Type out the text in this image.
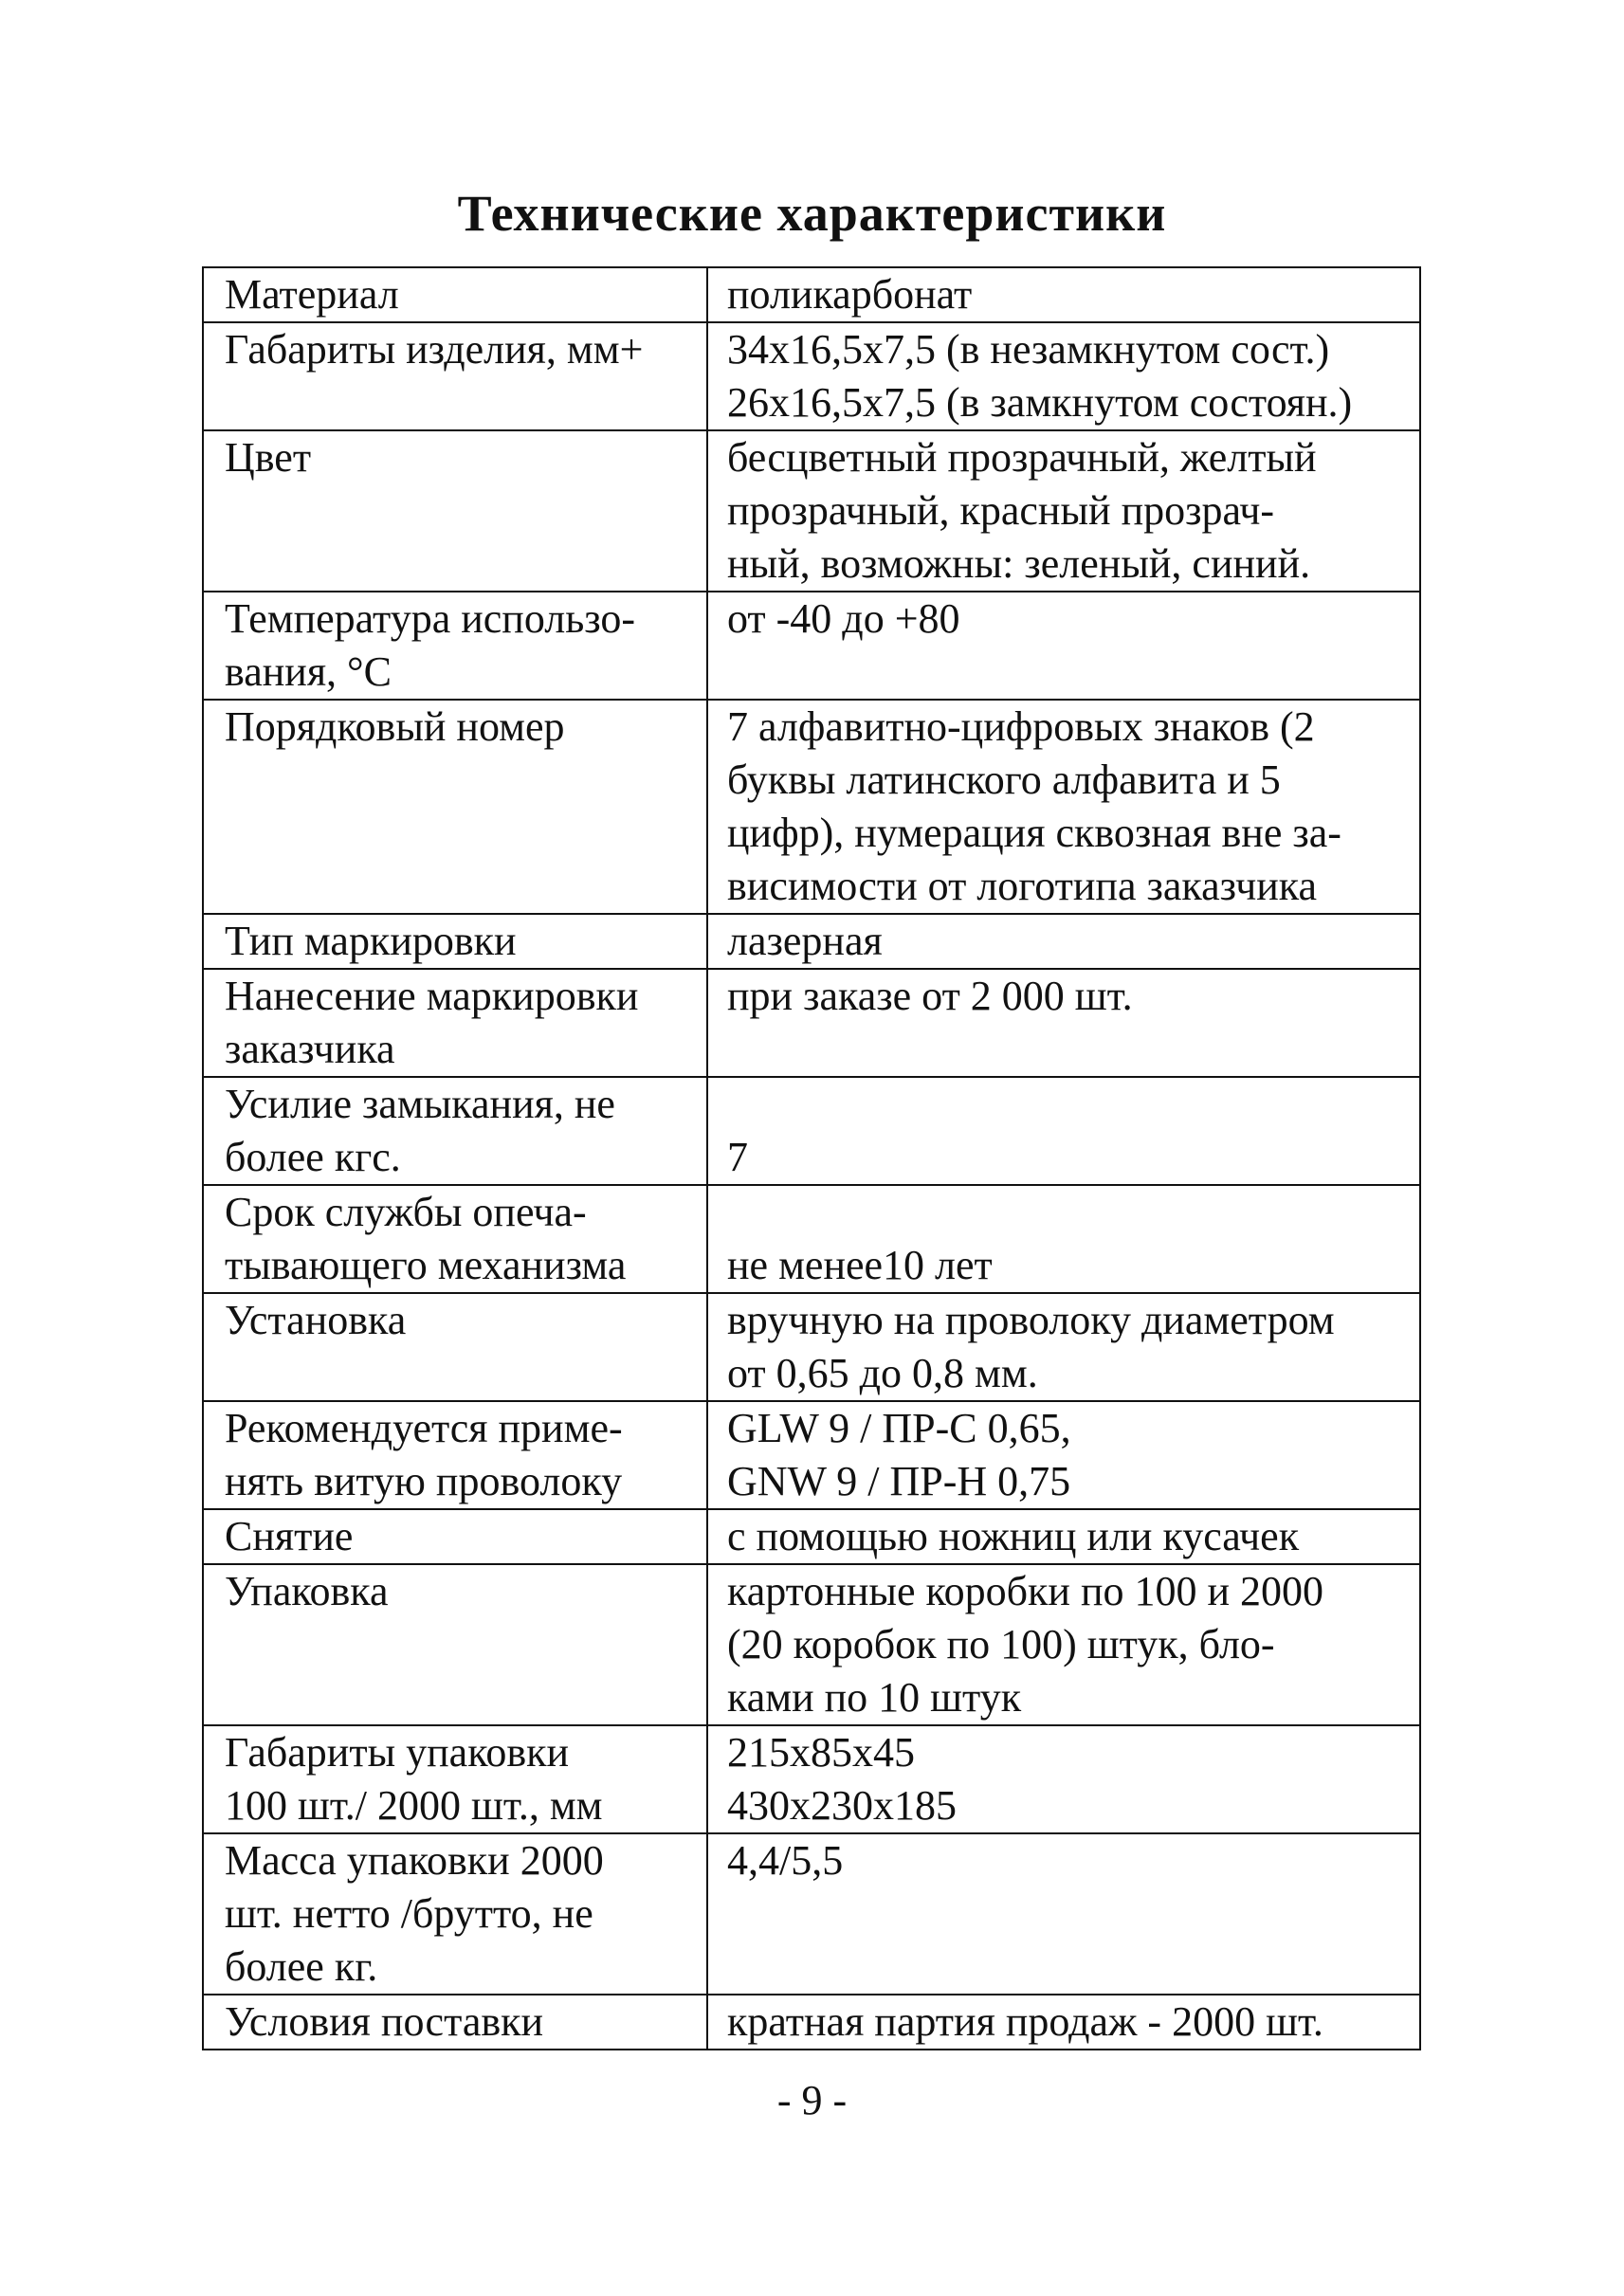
Технические характеристики
Материал	поликарбонат
Габариты изделия, мм+	34x16,5x7,5 (в незамкнутом сост.)
26x16,5x7,5 (в замкнутом состоян.)
Цвет	бесцветный прозрачный, желтый
прозрачный, красный прозрач-
ный, возможны: зеленый, синий.
Температура использо-
вания, °С	от -40 до +80
Порядковый номер	7 алфавитно-цифровых знаков (2
буквы латинского алфавита и 5
цифр), нумерация сквозная вне за-
висимости от логотипа заказчика
Тип маркировки	лазерная
Нанесение маркировки
заказчика	при заказе от 2 000 шт.
Усилие замыкания, не
более кгс.	7
Срок службы опеча-
тывающего механизма	не менее10 лет
Установка	вручную на проволоку диаметром
от 0,65 до 0,8 мм.
Рекомендуется приме-
нять витую проволоку	GLW 9 / ПР-С 0,65,
GNW 9 / ПР-Н 0,75
Снятие	с помощью ножниц или кусачек
Упаковка	картонные коробки по 100 и 2000
(20 коробок по 100) штук, бло-
ками по 10 штук
Габариты упаковки
100 шт./ 2000 шт., мм	215x85x45
430x230x185
Масса упаковки 2000
шт. нетто /брутто, не
более кг.	4,4/5,5
Условия поставки	кратная партия продаж - 2000 шт.
- 9 -
